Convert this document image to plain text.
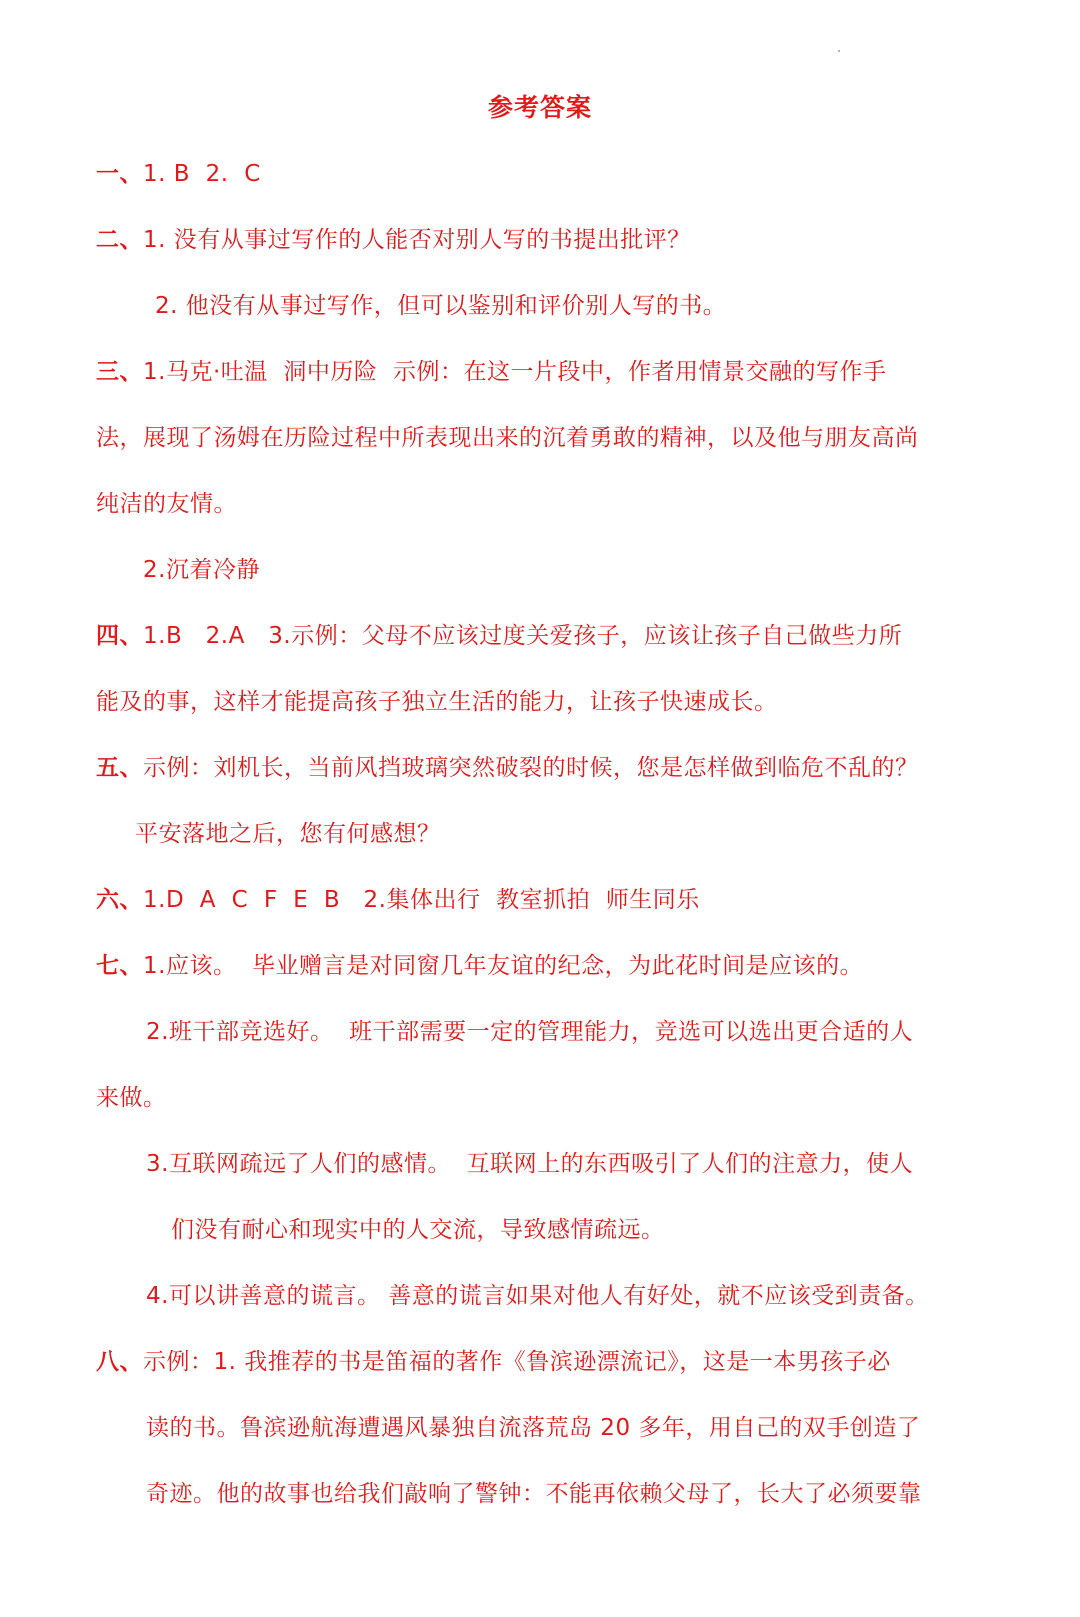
参考答案
一、1. B  2.  C
二、1. 没有从事过写作的人能否对别人写的书提出批评？
2. 他没有从事过写作，但可以鉴别和评价别人写的书。
三、1.马克·吐温  洞中历险  示例：在这一片段中，作者用情景交融的写作手
法，展现了汤姆在历险过程中所表现出来的沉着勇敢的精神，以及他与朋友高尚
纯洁的友情。
2.沉着冷静
四、1.B   2.A   3.示例：父母不应该过度关爱孩子，应该让孩子自己做些力所
能及的事，这样才能提高孩子独立生活的能力，让孩子快速成长。
五、示例：刘机长，当前风挡玻璃突然破裂的时候，您是怎样做到临危不乱的？
平安落地之后，您有何感想？
六、1.D  A  C  F  E  B   2.集体出行  教室抓拍  师生同乐
七、1.应该。  毕业赠言是对同窗几年友谊的纪念，为此花时间是应该的。
2.班干部竞选好。  班干部需要一定的管理能力，竞选可以选出更合适的人
来做。
3.互联网疏远了人们的感情。  互联网上的东西吸引了人们的注意力，使人
们没有耐心和现实中的人交流，导致感情疏远。
4.可以讲善意的谎言。 善意的谎言如果对他人有好处，就不应该受到责备。
八、示例：1. 我推荐的书是笛福的著作《鲁滨逊漂流记》，这是一本男孩子必
读的书。鲁滨逊航海遭遇风暴独自流落荒岛 20 多年，用自己的双手创造了
奇迹。他的故事也给我们敲响了警钟：不能再依赖父母了，长大了必须要靠
